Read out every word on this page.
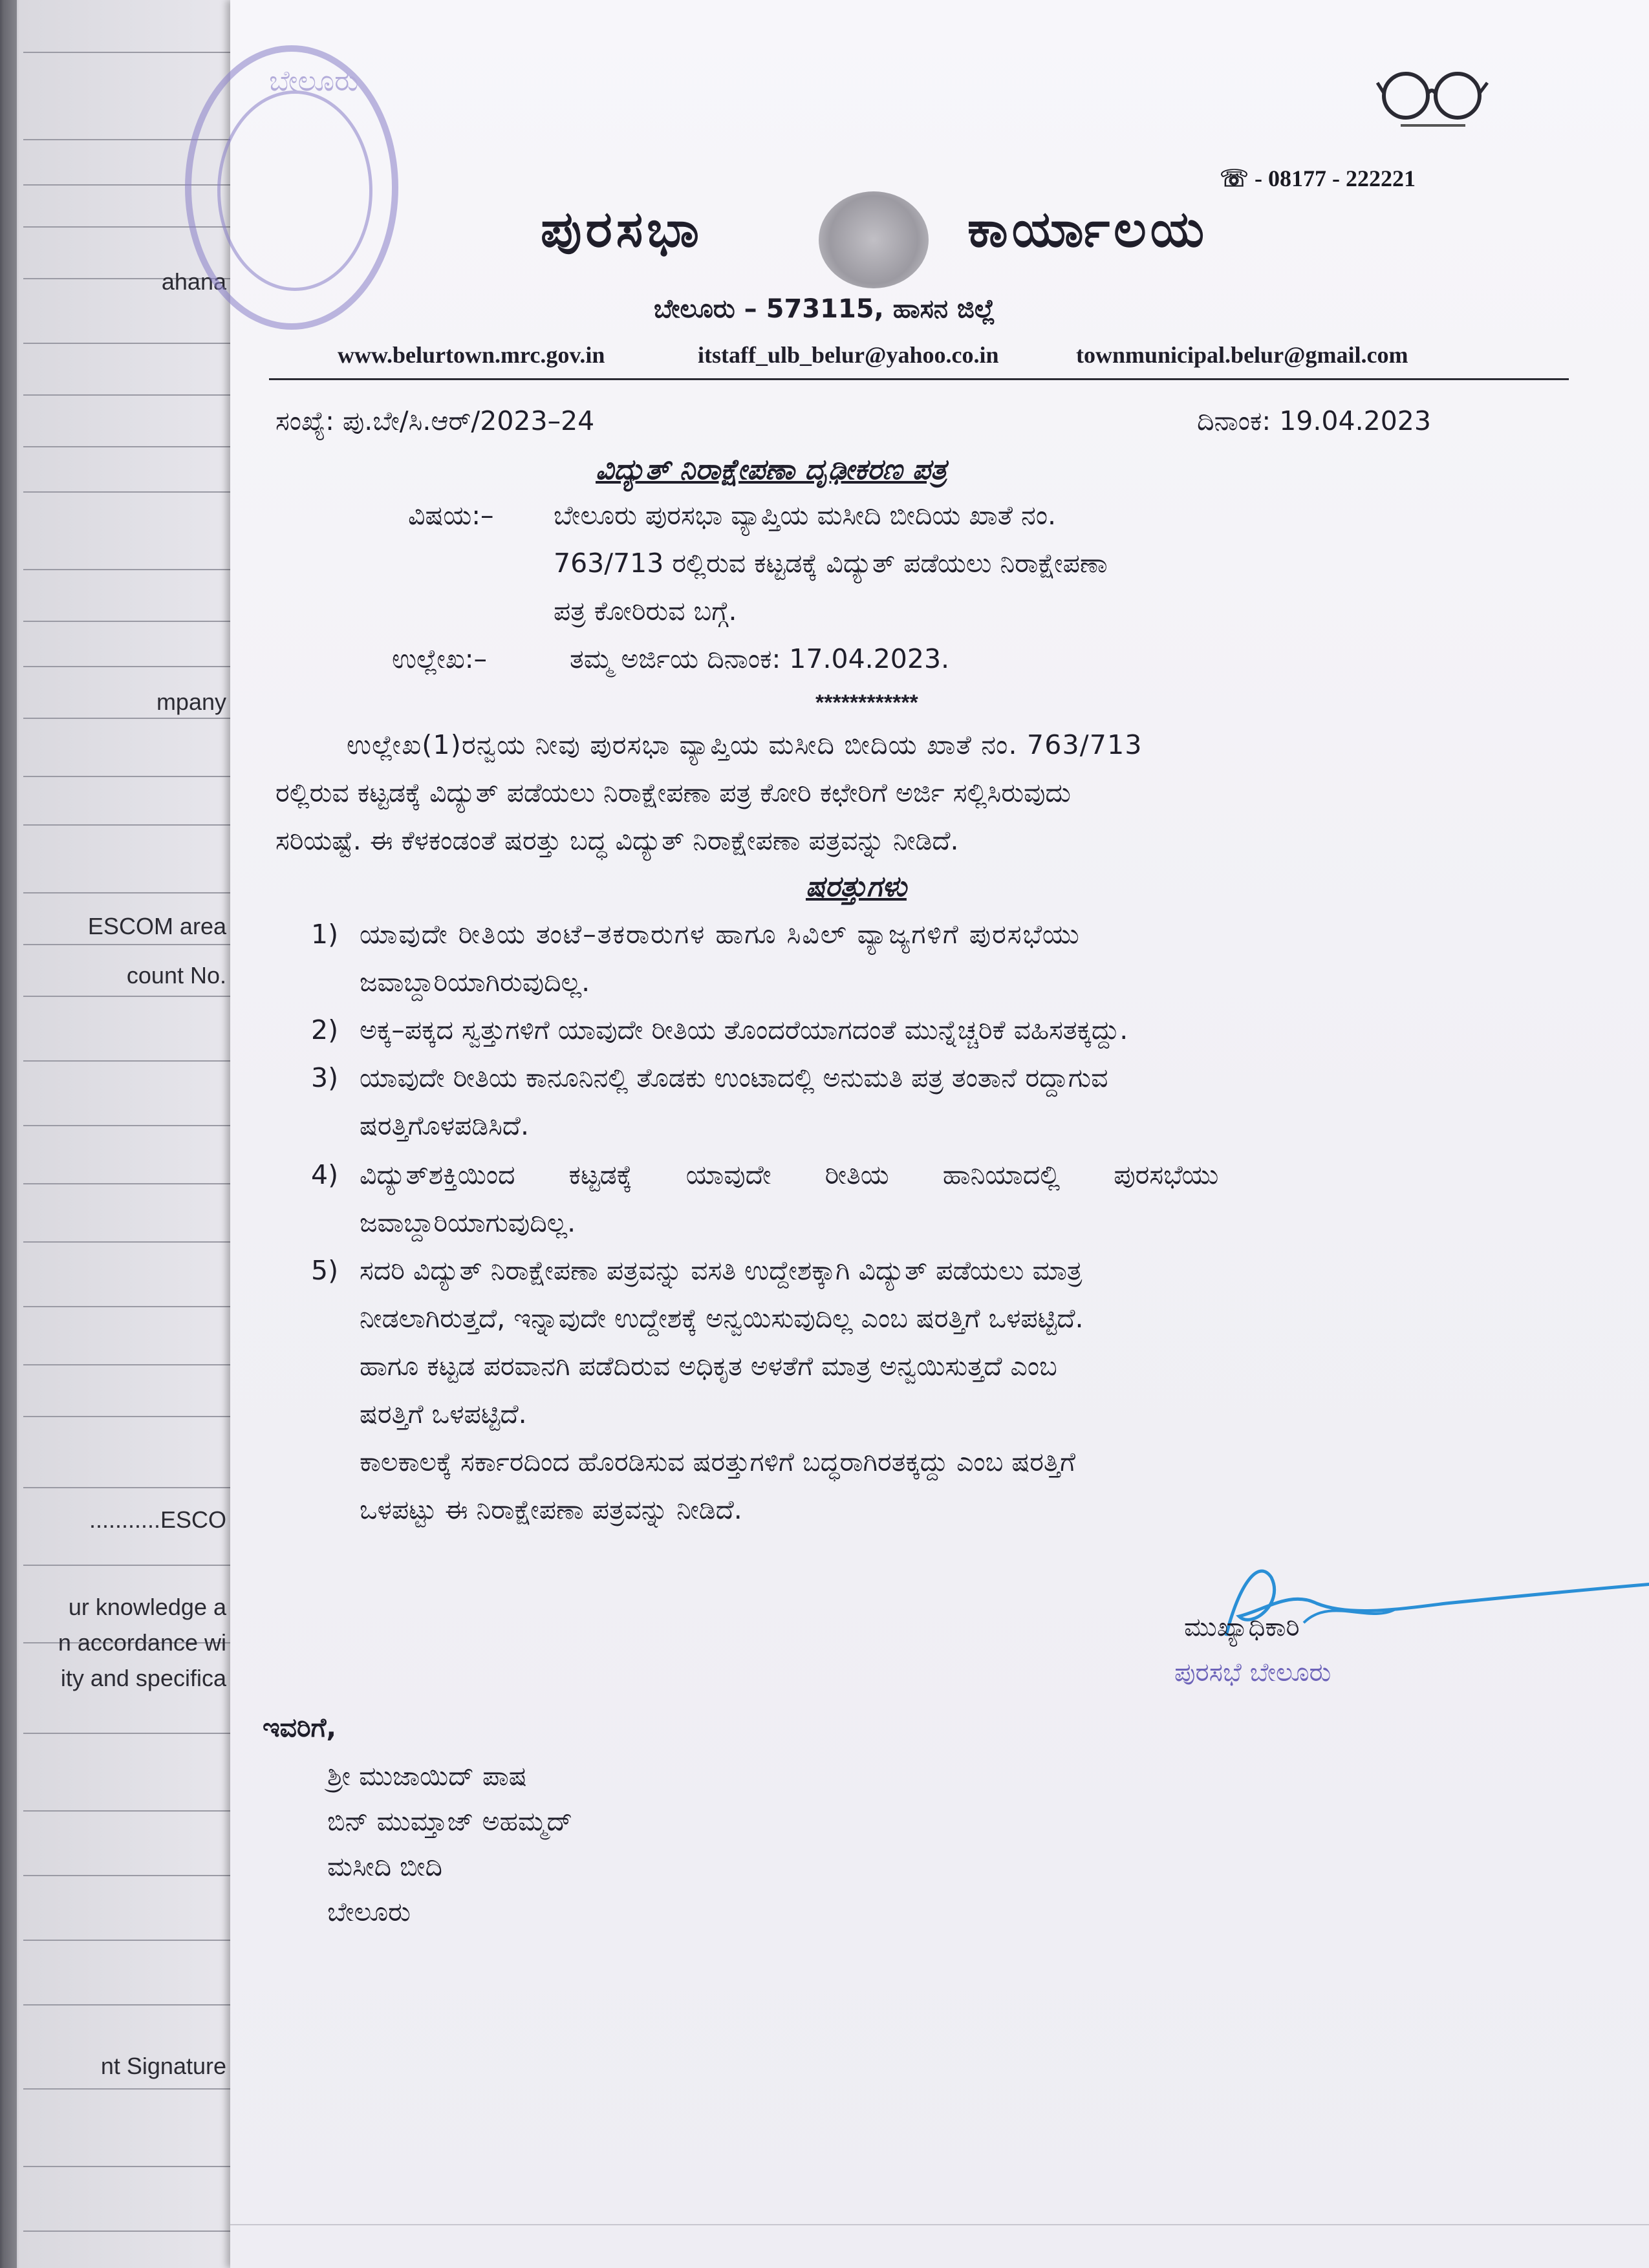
ahana
mpany
ESCOM area
count No.
...........ESCO
ur knowledge a
n accordance wi
ity and specifica
nt Signature
ಬೇಲೂರು
☏ - 08177 - 222221
ಪುರಸಭಾ	ಕಾರ್ಯಾಲಯ
ಬೇಲೂರು – 573115, ಹಾಸನ ಜಿಲ್ಲೆ
www.belurtown.mrc.gov.in	itstaff_ulb_belur@yahoo.co.in	townmunicipal.belur@gmail.com
ಸಂಖ್ಯೆ: ಪು.ಬೇ/ಸಿ.ಆರ್/2023–24	ದಿನಾಂಕ: 19.04.2023
ವಿದ್ಯುತ್ ನಿರಾಕ್ಷೇಪಣಾ ದೃಢೀಕರಣ ಪತ್ರ
ವಿಷಯ:– ಬೇಲೂರು ಪುರಸಭಾ ವ್ಯಾಪ್ತಿಯ ಮಸೀದಿ ಬೀದಿಯ ಖಾತೆ ನಂ.
763/713 ರಲ್ಲಿರುವ ಕಟ್ಟಡಕ್ಕೆ ವಿದ್ಯುತ್ ಪಡೆಯಲು ನಿರಾಕ್ಷೇಪಣಾ
ಪತ್ರ ಕೋರಿರುವ ಬಗ್ಗೆ.
ಉಲ್ಲೇಖ:–	ತಮ್ಮ ಅರ್ಜಿಯ ದಿನಾಂಕ: 17.04.2023.
************
ಉಲ್ಲೇಖ(1)ರನ್ವಯ ನೀವು ಪುರಸಭಾ ವ್ಯಾಪ್ತಿಯ ಮಸೀದಿ ಬೀದಿಯ ಖಾತೆ ನಂ. 763/713
ರಲ್ಲಿರುವ ಕಟ್ಟಡಕ್ಕೆ ವಿದ್ಯುತ್ ಪಡೆಯಲು ನಿರಾಕ್ಷೇಪಣಾ ಪತ್ರ ಕೋರಿ ಕಛೇರಿಗೆ ಅರ್ಜಿ ಸಲ್ಲಿಸಿರುವುದು
ಸರಿಯಷ್ಟೆ. ಈ ಕೆಳಕಂಡಂತೆ ಷರತ್ತು ಬದ್ಧ ವಿದ್ಯುತ್ ನಿರಾಕ್ಷೇಪಣಾ ಪತ್ರವನ್ನು ನೀಡಿದೆ.
ಷರತ್ತುಗಳು
1) ಯಾವುದೇ ರೀತಿಯ ತಂಟೆ–ತಕರಾರುಗಳ ಹಾಗೂ ಸಿವಿಲ್ ವ್ಯಾಜ್ಯಗಳಿಗೆ ಪುರಸಭೆಯು
ಜವಾಬ್ದಾರಿಯಾಗಿರುವುದಿಲ್ಲ.
2) ಅಕ್ಕ–ಪಕ್ಕದ ಸ್ವತ್ತುಗಳಿಗೆ ಯಾವುದೇ ರೀತಿಯ ತೊಂದರೆಯಾಗದಂತೆ ಮುನ್ನೆಚ್ಚರಿಕೆ ವಹಿಸತಕ್ಕದ್ದು.
3) ಯಾವುದೇ ರೀತಿಯ ಕಾನೂನಿನಲ್ಲಿ ತೊಡಕು ಉಂಟಾದಲ್ಲಿ ಅನುಮತಿ ಪತ್ರ ತಂತಾನೆ ರದ್ದಾಗುವ
ಷರತ್ತಿಗೊಳಪಡಿಸಿದೆ.
4) ವಿದ್ಯುತ್‌ಶಕ್ತಿಯಿಂದ ಕಟ್ಟಡಕ್ಕೆ ಯಾವುದೇ ರೀತಿಯ ಹಾನಿಯಾದಲ್ಲಿ ಪುರಸಭೆಯು
ಜವಾಬ್ದಾರಿಯಾಗುವುದಿಲ್ಲ.
5) ಸದರಿ ವಿದ್ಯುತ್ ನಿರಾಕ್ಷೇಪಣಾ ಪತ್ರವನ್ನು ವಸತಿ ಉದ್ದೇಶಕ್ಕಾಗಿ ವಿದ್ಯುತ್ ಪಡೆಯಲು ಮಾತ್ರ
ನೀಡಲಾಗಿರುತ್ತದೆ, ಇನ್ನಾವುದೇ ಉದ್ದೇಶಕ್ಕೆ ಅನ್ವಯಿಸುವುದಿಲ್ಲ ಎಂಬ ಷರತ್ತಿಗೆ ಒಳಪಟ್ಟಿದೆ.
ಹಾಗೂ ಕಟ್ಟಡ ಪರವಾನಗಿ ಪಡೆದಿರುವ ಅಧಿಕೃತ ಅಳತೆಗೆ ಮಾತ್ರ ಅನ್ವಯಿಸುತ್ತದೆ ಎಂಬ
ಷರತ್ತಿಗೆ ಒಳಪಟ್ಟಿದೆ.
ಕಾಲಕಾಲಕ್ಕೆ ಸರ್ಕಾರದಿಂದ ಹೊರಡಿಸುವ ಷರತ್ತುಗಳಿಗೆ ಬದ್ಧರಾಗಿರತಕ್ಕದ್ದು ಎಂಬ ಷರತ್ತಿಗೆ
ಒಳಪಟ್ಟು ಈ ನಿರಾಕ್ಷೇಪಣಾ ಪತ್ರವನ್ನು ನೀಡಿದೆ.
ಮುಖ್ಯಾಧಿಕಾರಿ
ಪುರಸಭೆ ಬೇಲೂರು
ಇವರಿಗೆ,
ಶ್ರೀ ಮುಜಾಯಿದ್ ಪಾಷ
ಬಿನ್ ಮುಮ್ತಾಜ್ ಅಹಮ್ಮದ್
ಮಸೀದಿ ಬೀದಿ
ಬೇಲೂರು
